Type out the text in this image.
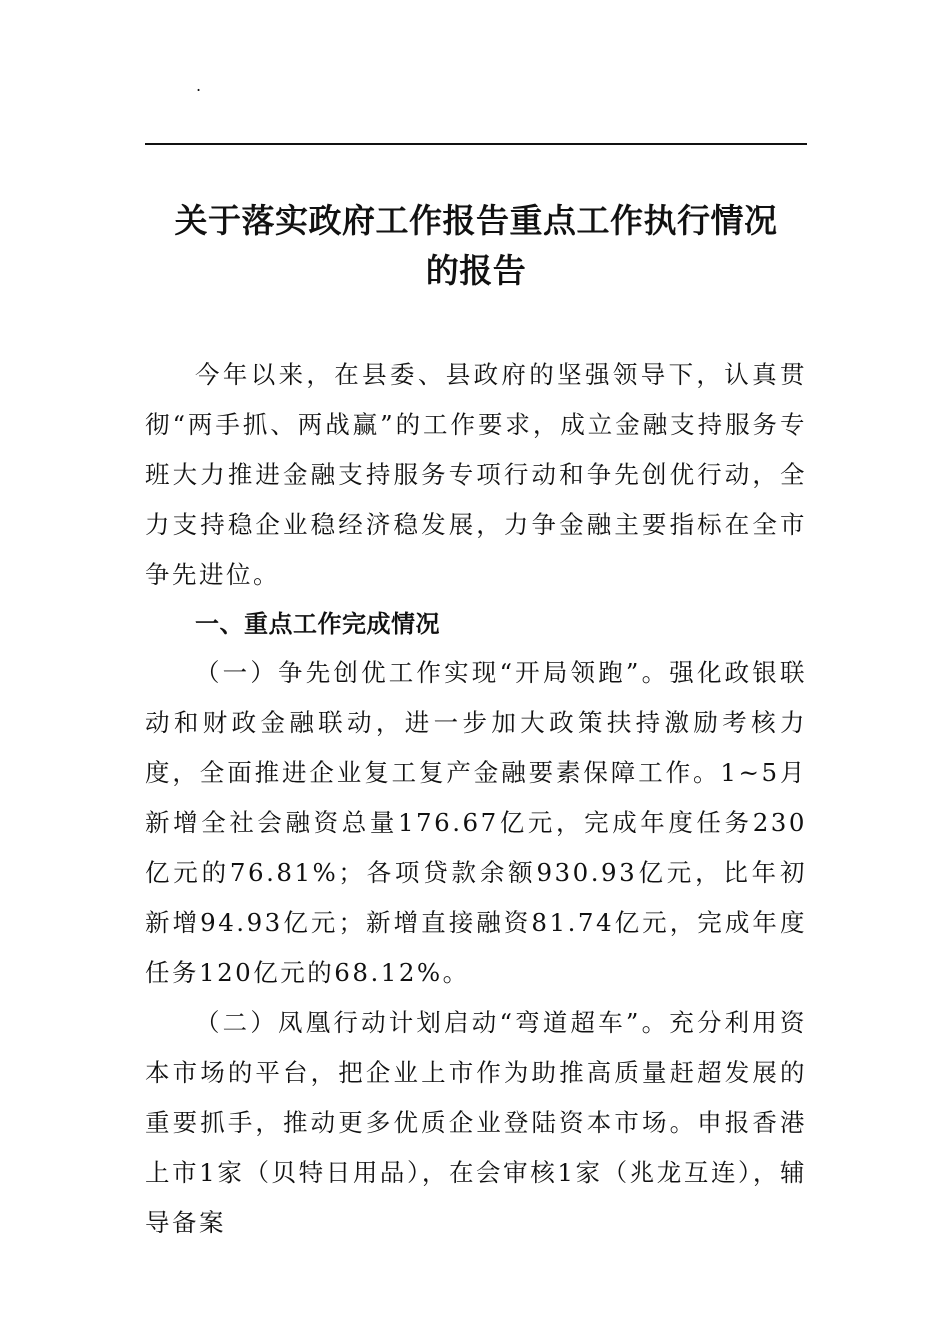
.
关于落实政府工作报告重点工作执行情况
的报告

今年以来，在县委、县政府的坚强领导下，认真贯彻“两手抓、两战赢”的工作要求，成立金融支持服务专班大力推进金融支持服务专项行动和争先创优行动，全力支持稳企业稳经济稳发展，力争金融主要指标在全市争先进位。

一、重点工作完成情况

（一）争先创优工作实现“开局领跑”。强化政银联动和财政金融联动，进一步加大政策扶持激励考核力度，全面推进企业复工复产金融要素保障工作。1~5月新增全社会融资总量176.67亿元，完成年度任务230亿元的76.81%；各项贷款余额930.93亿元，比年初新增94.93亿元；新增直接融资81.74亿元，完成年度任务120亿元的68.12%。

（二）凤凰行动计划启动“弯道超车”。充分利用资本市场的平台，把企业上市作为助推高质量赶超发展的重要抓手，推动更多优质企业登陆资本市场。申报香港上市1家（贝特日用品），在会审核1家（兆龙互连），辅导备案
